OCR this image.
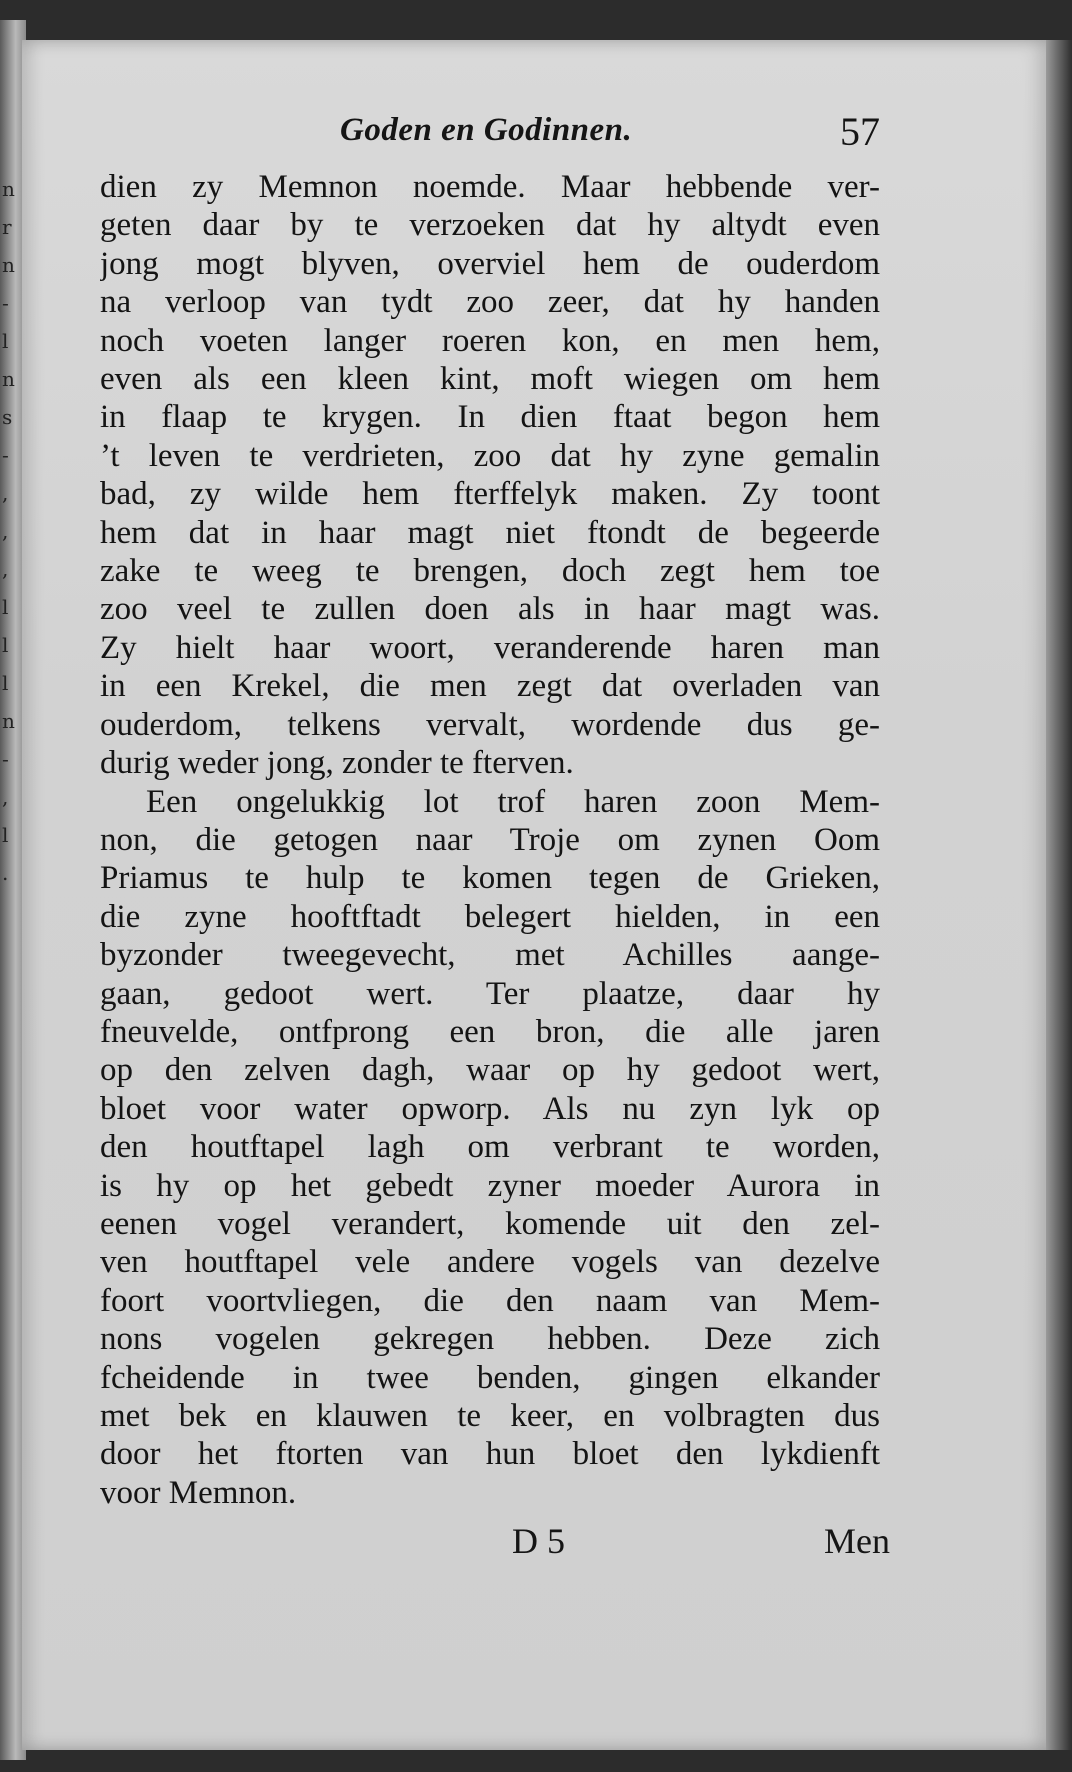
n
r
n
-
l
n
s
-
,
,
,
l
l
l
n
-
,
l
.
Goden en Godinnen.	57
dien zy Memnon noemde. Maar hebbende ver-
geten daar by te verzoeken dat hy altydt even
jong mogt blyven, overviel hem de ouderdom
na verloop van tydt zoo zeer, dat hy handen
noch voeten langer roeren kon, en men hem,
even als een kleen kint, moft wiegen om hem
in flaap te krygen. In dien ftaat begon hem
’t leven te verdrieten, zoo dat hy zyne gemalin
bad, zy wilde hem fterffelyk maken. Zy toont
hem dat in haar magt niet ftondt de begeerde
zake te weeg te brengen, doch zegt hem toe
zoo veel te zullen doen als in haar magt was.
Zy hielt haar woort, veranderende haren man
in een Krekel, die men zegt dat overladen van
ouderdom, telkens vervalt, wordende dus ge-
durig weder jong, zonder te fterven.
Een ongelukkig lot trof haren zoon Mem-
non, die getogen naar Troje om zynen Oom
Priamus te hulp te komen tegen de Grieken,
die zyne hooftftadt belegert hielden, in een
byzonder tweegevecht, met Achilles aange-
gaan, gedoot wert. Ter plaatze, daar hy
fneuvelde, ontfprong een bron, die alle jaren
op den zelven dagh, waar op hy gedoot wert,
bloet voor water opworp. Als nu zyn lyk op
den houtftapel lagh om verbrant te worden,
is hy op het gebedt zyner moeder Aurora in
eenen vogel verandert, komende uit den zel-
ven houtftapel vele andere vogels van dezelve
foort voortvliegen, die den naam van Mem-
nons vogelen gekregen hebben. Deze zich
fcheidende in twee benden, gingen elkander
met bek en klauwen te keer, en volbragten dus
door het ftorten van hun bloet den lykdienft
voor Memnon.
D 5	Men
